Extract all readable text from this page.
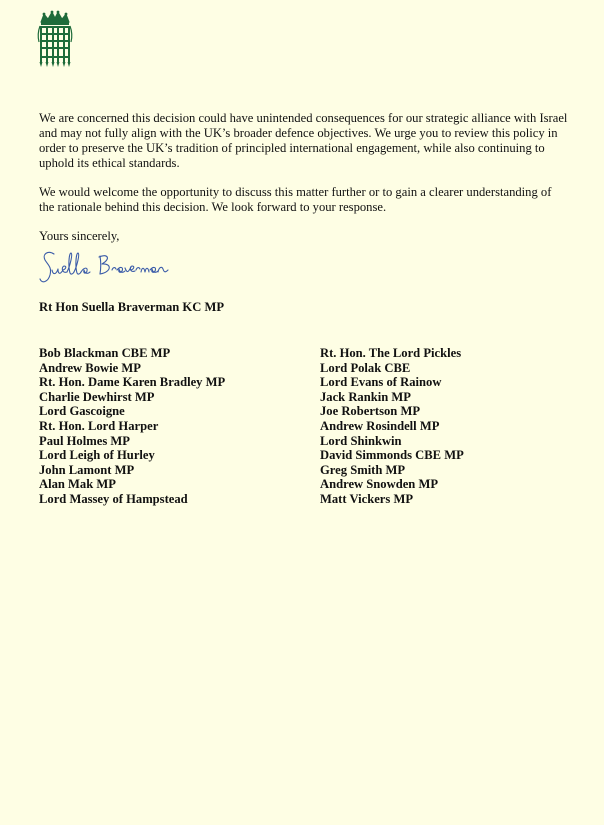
We are concerned this decision could have unintended consequences for our strategic alliance with Israel and may not fully align with the UK’s broader defence objectives. We urge you to review this policy in order to preserve the UK’s tradition of principled international engagement, while also continuing to uphold its ethical standards.

We would welcome the opportunity to discuss this matter further or to gain a clearer understanding of the rationale behind this decision. We look forward to your response.

Yours sincerely,
Rt Hon Suella Braverman KC MP
Bob Blackman CBE MP
Andrew Bowie MP
Rt. Hon. Dame Karen Bradley MP
Charlie Dewhirst MP
Lord Gascoigne
Rt. Hon. Lord Harper
Paul Holmes MP
Lord Leigh of Hurley
John Lamont MP
Alan Mak MP
Lord Massey of Hampstead
Rt. Hon. The Lord Pickles
Lord Polak CBE
Lord Evans of Rainow
Jack Rankin MP
Joe Robertson MP
Andrew Rosindell MP
Lord Shinkwin
David Simmonds CBE MP
Greg Smith MP
Andrew Snowden MP
Matt Vickers MP
